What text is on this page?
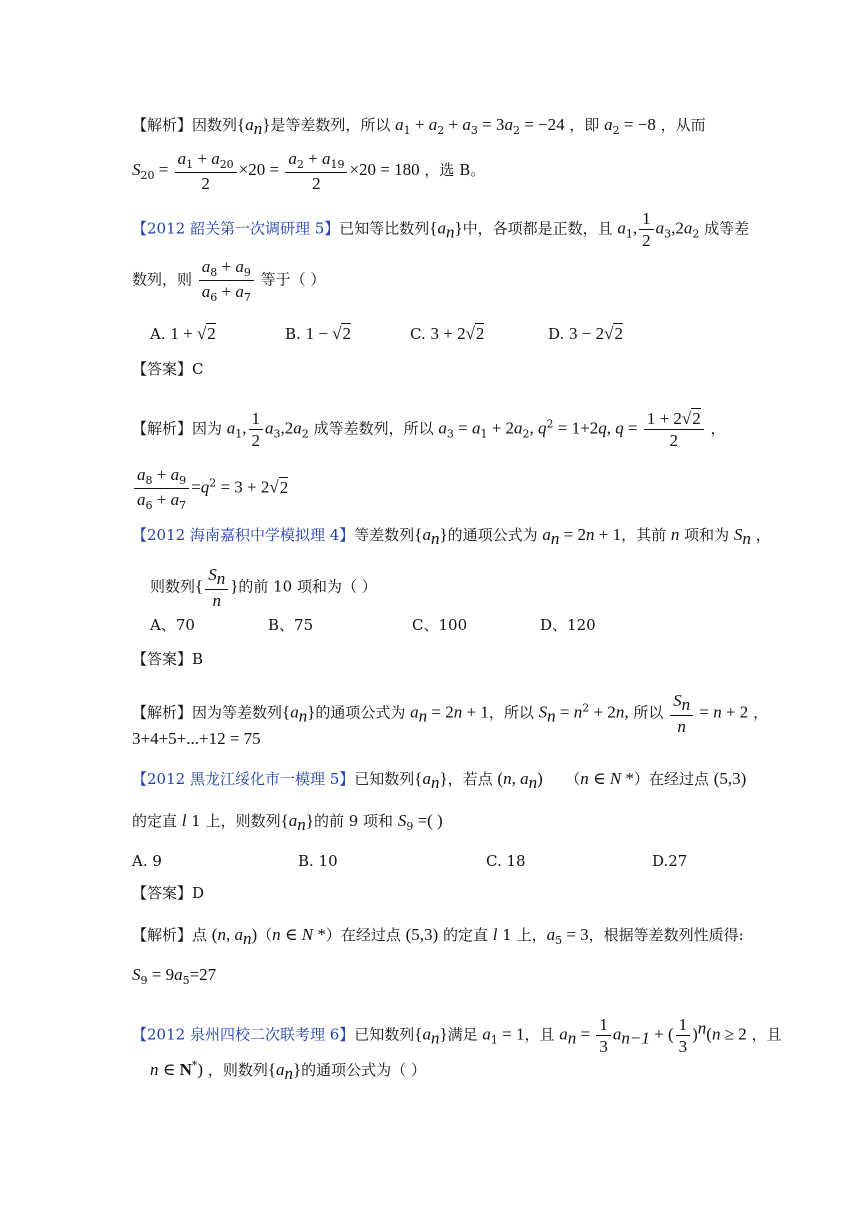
【解析】因数列$\{a_n\}$是等差数列，所以 $a_1 + a_2 + a_3 = 3a_2 = -24$ ，即 $a_2 = -8$ ，从而
$S_{20} = \frac{a_1 + a_{20}}{2} \times 20 = \frac{a_2 + a_{19}}{2} \times 20 = 180$ ，选 B。
【2012 韶关第一次调研理 5】已知等比数列$\{a_n\}$中，各项都是正数，且 $a_1$, $\frac{1}{2} a_3,2a_2$ 成等差
数列，则 $\frac{a_8 + a_9}{a_6 + a_7}$ 等于（ ）
A. 1 + √2	B. 1 − √2	C. 3 + 2√2	D. 3 − 2√2
【答案】C
【解析】因为 $a_1$, $\frac{1}{2} a_3,2a_2$ 成等差数列，所以 $a_3 = a_1 + 2a_2$, $q^2 = 1+2q$, $q = \frac{1 + 2√2}{2}$ ，
$\frac{a_8 + a_9}{a_6 + a_7} =q^2 = 3 + 2√2$
【2012 海南嘉积中学模拟理 4】等差数列$\{a_n\}$的通项公式为 $a_n = 2n + 1$，其前 n 项和为 $S_n$ ，
则数列{ $\frac{S_n}{n}$ }的前 10 项和为（ ）
A、70	B、75	C、100	D、120
【答案】B
【解析】因为等差数列$\{a_n\}$的通项公式为 $a_n = 2n + 1$，所以 $S_n = n^2 + 2n$, 所以 $\frac{S_n}{n} = n + 2$ ，
3+4+5+...+12 = 75
【2012 黑龙江绥化市一模理 5】已知数列$\{a_n\}$，若点 (n, $a_n$)　　（n ∈ N *）在经过点 (5,3)
的定直 l 1 上，则数列$\{a_n\}$的前 9 项和 $S_9$ =( )
A. 9	B. 10	C. 18	D.27
【答案】D
【解析】点 (n, $a_n)(n$ ∈ N *）在经过点 (5,3) 的定直 l 1 上，$a_5 = 3$，根据等差数列性质得:
$S_9 = 9a_5=27$
【2012 泉州四校二次联考理 6】已知数列$\{a_n\}$满足 $a_1 = 1$，且 $a_n = \frac{1}{3} a_{n-1}$ + ( $\frac{1}{3} )^n(n \ge 2$ ，且
n ∈ N*) ，则数列$\{a_n\}$的通项公式为（ ）
